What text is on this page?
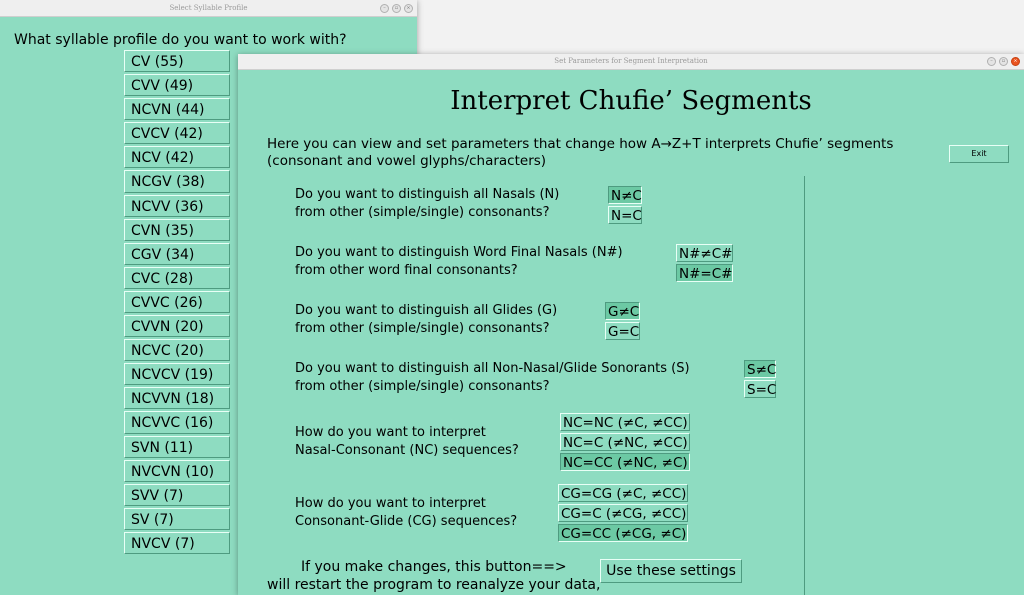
Select Syllable Profile	–	▫	×
What syllable profile do you want to work with?
CV (55)
CVV (49)
NCVN (44)
CVCV (42)
NCV (42)
NCGV (38)
NCVV (36)
CVN (35)
CGV (34)
CVC (28)
CVVC (26)
CVVN (20)
NCVC (20)
NCVCV (19)
NCVVN (18)
NCVVC (16)
SVN (11)
NVCVN (10)
SVV (7)
SV (7)
NVCV (7)
Set Parameters for Segment Interpretation	–	▫	×
Interpret Chufie’ Segments
Here you can view and set parameters that change how A→Z+T interprets Chufie’ segments
(consonant and vowel glyphs/characters)	Exit
Do you want to distinguish all Nasals (N)
from other (simple/single) consonants?
N≠C
N=C
Do you want to distinguish Word Final Nasals (N#)
from other word final consonants?
N#≠C#
N#=C#
Do you want to distinguish all Glides (G)
from other (simple/single) consonants?
G≠C
G=C
Do you want to distinguish all Non-Nasal/Glide Sonorants (S)
from other (simple/single) consonants?
S≠C
S=C
How do you want to interpret
Nasal-Consonant (NC) sequences?
NC=NC (≠C, ≠CC)
NC=C (≠NC, ≠CC)
NC=CC (≠NC, ≠C)
How do you want to interpret
Consonant-Glide (CG) sequences?
CG=CG (≠C, ≠CC)
CG=C (≠CG, ≠CC)
CG=CC (≠CG, ≠C)
If you make changes, this button==>
will restart the program to reanalyze your data,
Use these settings
